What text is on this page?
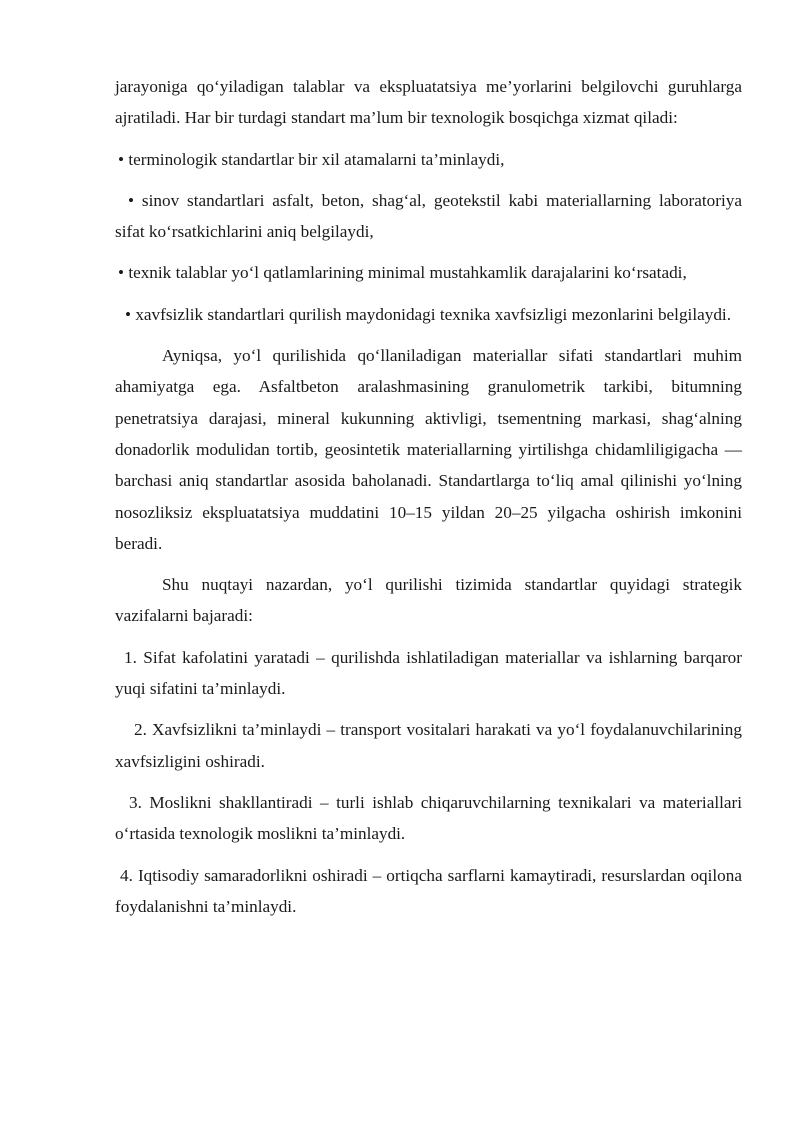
jarayoniga qo‘yiladigan talablar va ekspluatatsiya me’yorlarini belgilovchi guruhlarga ajratiladi. Har bir turdagi standart ma’lum bir texnologik bosqichga xizmat qiladi:

• terminologik standartlar bir xil atamalarni ta’minlaydi,

• sinov standartlari asfalt, beton, shag‘al, geotekstil kabi materiallarning laboratoriya sifat ko‘rsatkichlarini aniq belgilaydi,

• texnik talablar yo‘l qatlamlarining minimal mustahkamlik darajalarini ko‘rsatadi,

• xavfsizlik standartlari qurilish maydonidagi texnika xavfsizligi mezonlarini belgilaydi.

Ayniqsa, yo‘l qurilishida qo‘llaniladigan materiallar sifati standartlari muhim ahamiyatga ega. Asfaltbeton aralashmasining granulometrik tarkibi, bitumning penetratsiya darajasi, mineral kukunning aktivligi, tsementning markasi, shag‘alning donadorlik modulidan tortib, geosintetik materiallarning yirtilishga chidamliligigacha — barchasi aniq standartlar asosida baholanadi. Standartlarga to‘liq amal qilinishi yo‘lning nosozliksiz ekspluatatsiya muddatini 10–15 yildan 20–25 yilgacha oshirish imkonini beradi.

Shu nuqtayi nazardan, yo‘l qurilishi tizimida standartlar quyidagi strategik vazifalarni bajaradi:

1. Sifat kafolatini yaratadi – qurilishda ishlatiladigan materiallar va ishlarning barqaror yuqi sifatini ta’minlaydi.

2. Xavfsizlikni ta’minlaydi – transport vositalari harakati va yo‘l foydalanuvchilarining xavfsizligini oshiradi.

3. Moslikni shakllantiradi – turli ishlab chiqaruvchilarning texnikalari va materiallari o‘rtasida texnologik moslikni ta’minlaydi.

4. Iqtisodiy samaradorlikni oshiradi – ortiqcha sarflarni kamaytiradi, resurslardan oqilona foydalanishni ta’minlaydi.
